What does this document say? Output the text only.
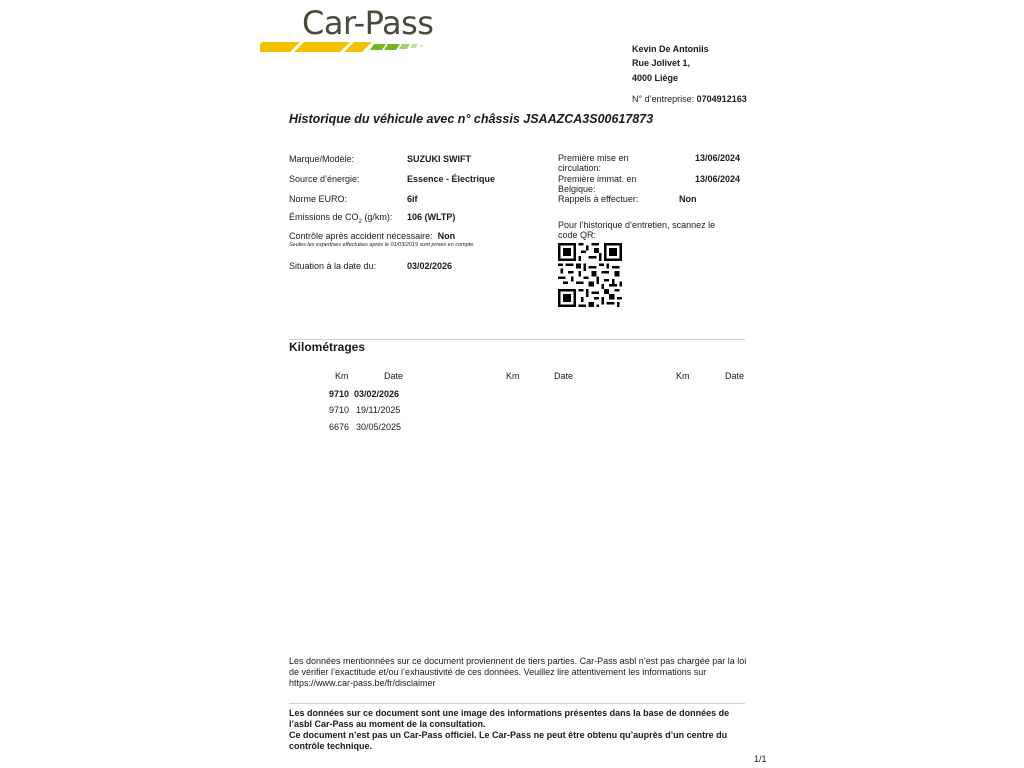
Car-Pass
Kevin De Antoniis
Rue Jolivet 1,
4000 Liège
N° d’entreprise: 0704912163
Historique du véhicule avec n° châssis JSAAZCA3S00617873
Marque/Modèle:	SUZUKI SWIFT
Source d’énergie:	Essence - Électrique
Norme EURO:	6if
Émissions de $CO_2$ (g/km): 106 (WLTP)
Contrôle après accident nécessaire: Non
Seules les expertises effectuées après le 01/03/2019 sont prises en compte.
Situation à la date du:	03/02/2026
Première mise en circulation:
13/06/2024
Première immat. en Belgique:
13/06/2024
Rappels à effectuer:	Non
Pour l’historique d’entretien, scannez le code QR:
Kilométrages
Km	Date	Km	Date	Km	Date
9710 03/02/2026
9710 19/11/2025
6676 30/05/2025
Les données mentionnées sur ce document proviennent de tiers parties. Car-Pass asbl n’est pas chargée par la loi de vérifier l’exactitude et/ou l’exhaustivité de ces données. Veuillez lire attentivement les informations sur https://www.car-pass.be/fr/disclaimer
Les données sur ce document sont une image des informations présentes dans la base de données de l’asbl Car-Pass au moment de la consultation.
Ce document n’est pas un Car-Pass officiel. Le Car-Pass ne peut être obtenu qu’auprès d’un centre du contrôle technique.
1/1
